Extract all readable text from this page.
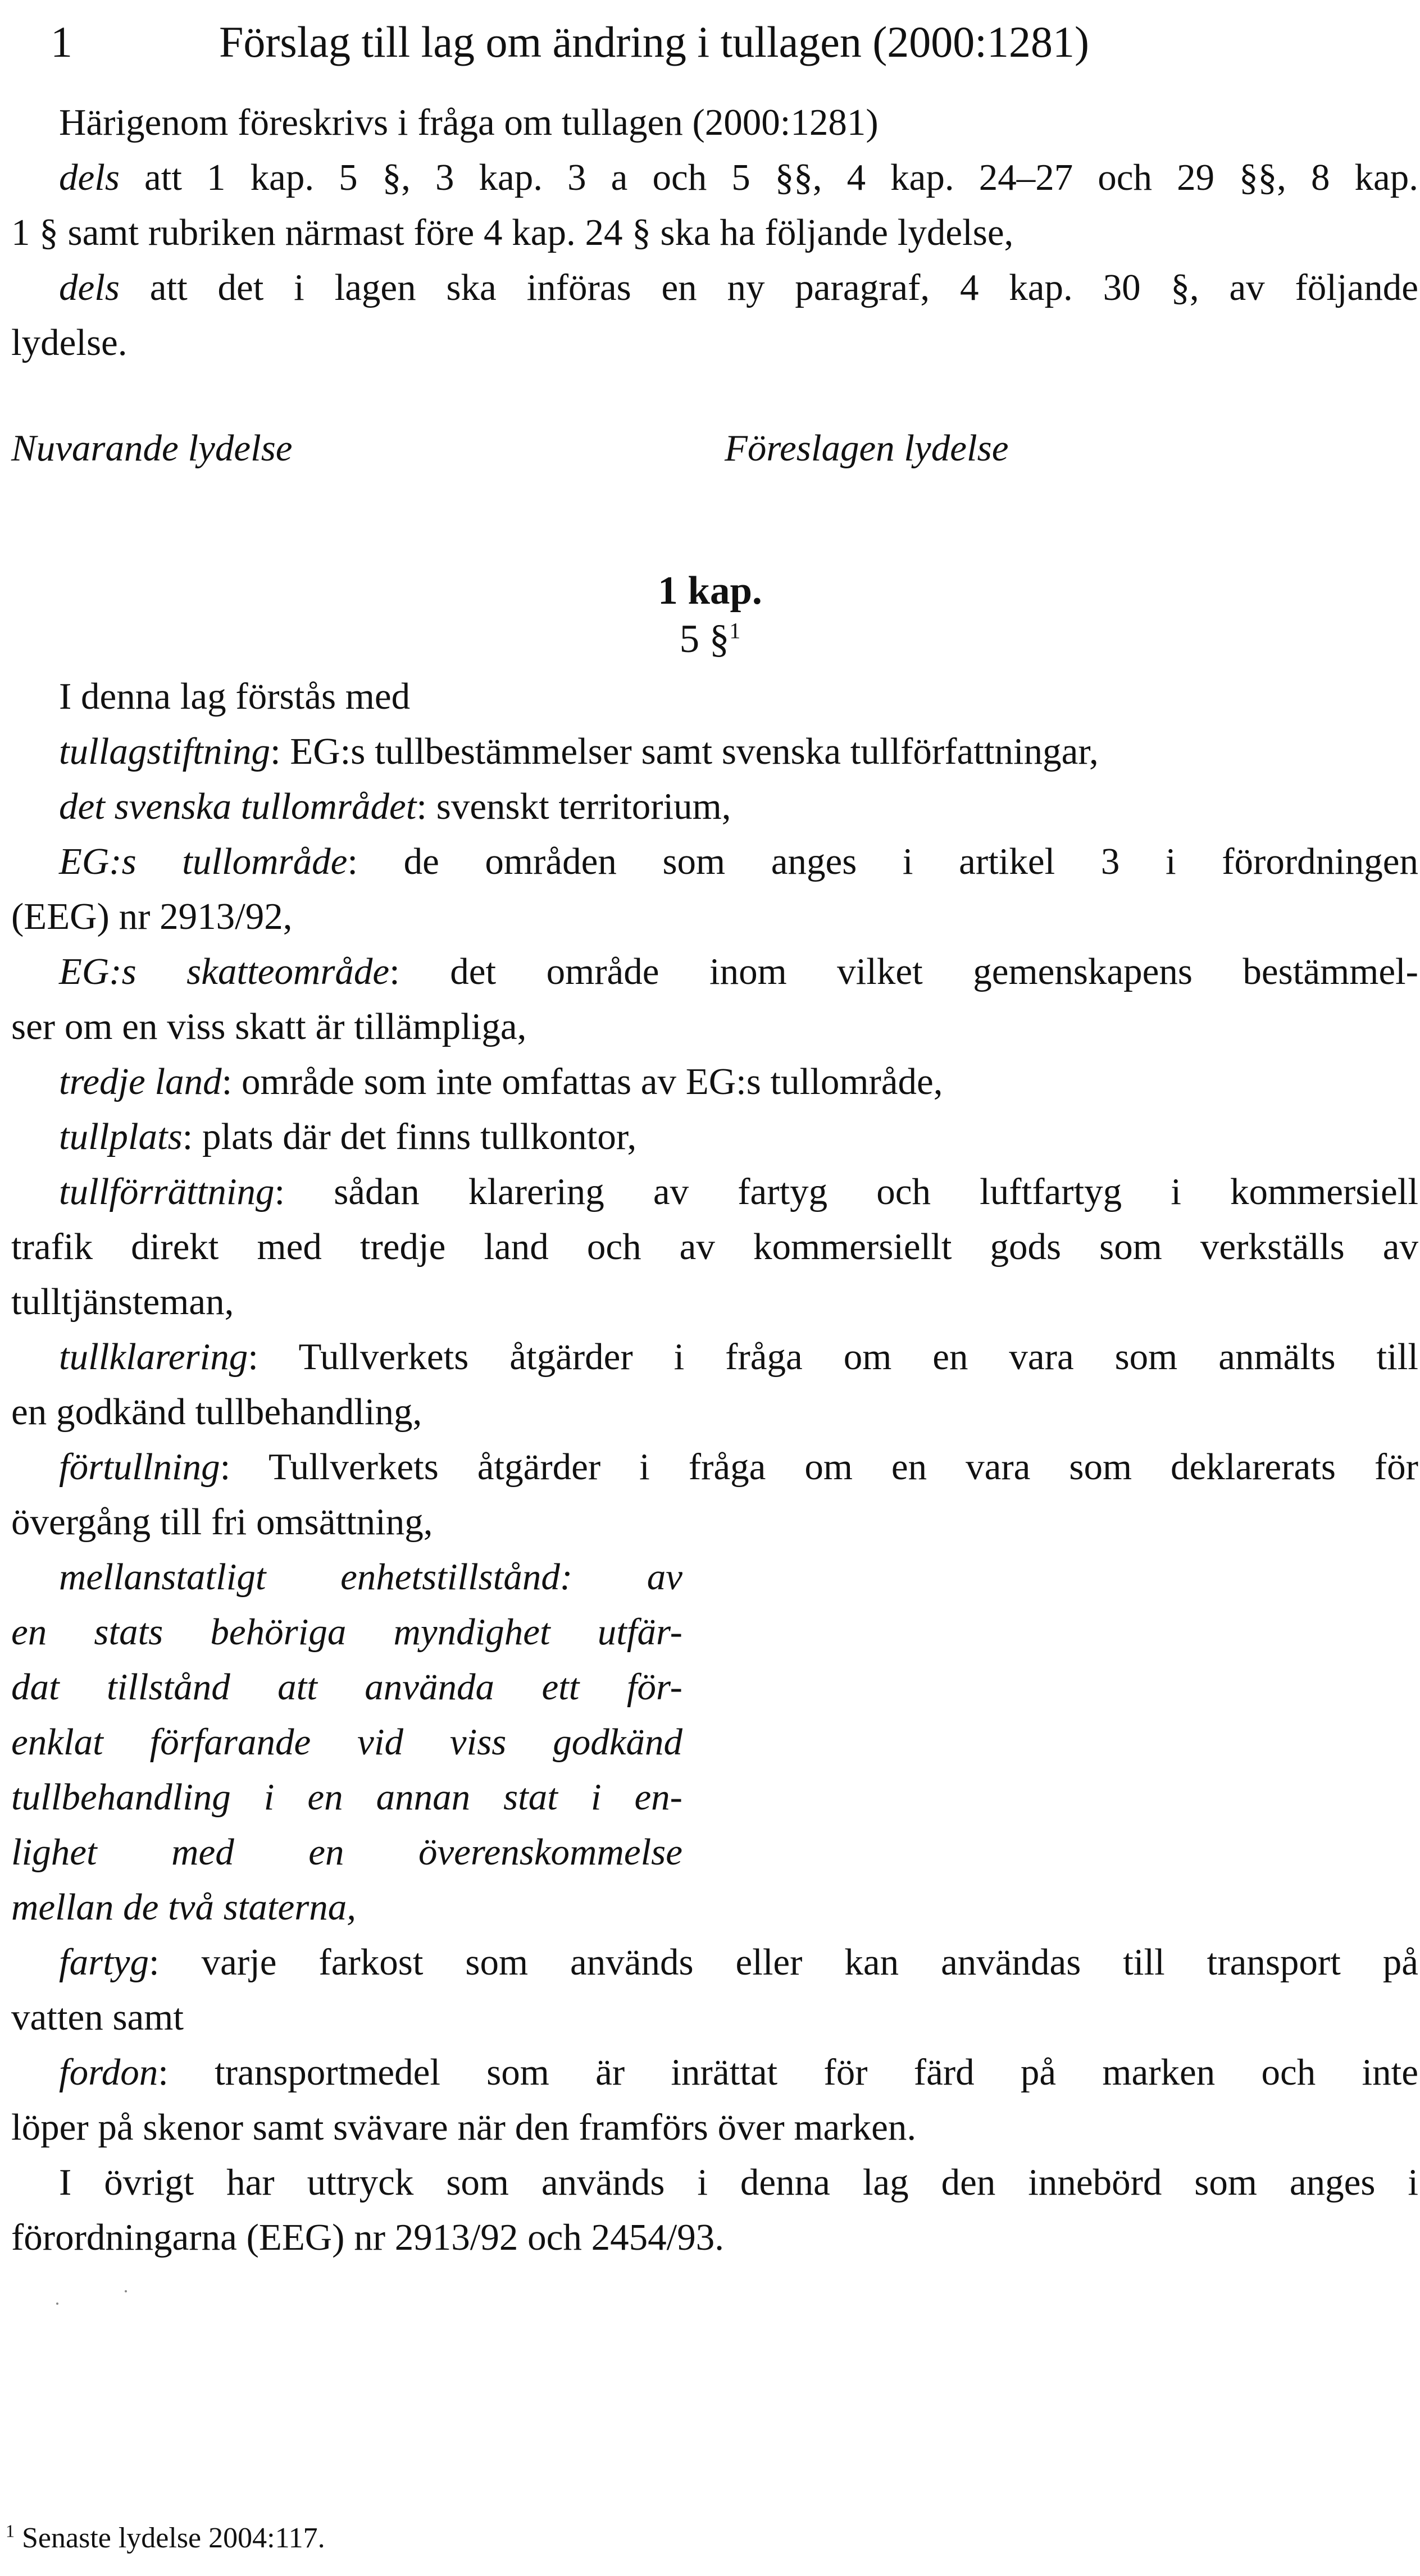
1	Förslag till lag om ändring i tullagen (2000:1281)
Härigenom föreskrivs i fråga om tullagen (2000:1281)
dels att 1 kap. 5 §, 3 kap. 3 a och 5 §§, 4 kap. 24–27 och 29 §§, 8 kap.
1 § samt rubriken närmast före 4 kap. 24 § ska ha följande lydelse,
dels att det i lagen ska införas en ny paragraf, 4 kap. 30 §, av följande
lydelse.
Nuvarande lydelse	Föreslagen lydelse
1 kap.
5 §$^1$
I denna lag förstås med
tullagstiftning: EG:s tullbestämmelser samt svenska tullförfattningar,
det svenska tullområdet: svenskt territorium,
EG:s tullområde: de områden som anges i artikel 3 i förordningen
(EEG) nr 2913/92,
EG:s skatteområde: det område inom vilket gemenskapens bestämmel-
ser om en viss skatt är tillämpliga,
tredje land: område som inte omfattas av EG:s tullområde,
tullplats: plats där det finns tullkontor,
tullförrättning: sådan klarering av fartyg och luftfartyg i kommersiell
trafik direkt med tredje land och av kommersiellt gods som verkställs av
tulltjänsteman,
tullklarering: Tullverkets åtgärder i fråga om en vara som anmälts till
en godkänd tullbehandling,
förtullning: Tullverkets åtgärder i fråga om en vara som deklarerats för
övergång till fri omsättning,
mellanstatligt enhetstillstånd: av
en stats behöriga myndighet utfär-
dat tillstånd att använda ett för-
enklat förfarande vid viss godkänd
tullbehandling i en annan stat i en-
lighet med en överenskommelse
mellan de två staterna,
fartyg: varje farkost som används eller kan användas till transport på
vatten samt
fordon: transportmedel som är inrättat för färd på marken och inte
löper på skenor samt svävare när den framförs över marken.
I övrigt har uttryck som används i denna lag den innebörd som anges i
förordningarna (EEG) nr 2913/92 och 2454/93.
$^1$ Senaste lydelse 2004:117.
